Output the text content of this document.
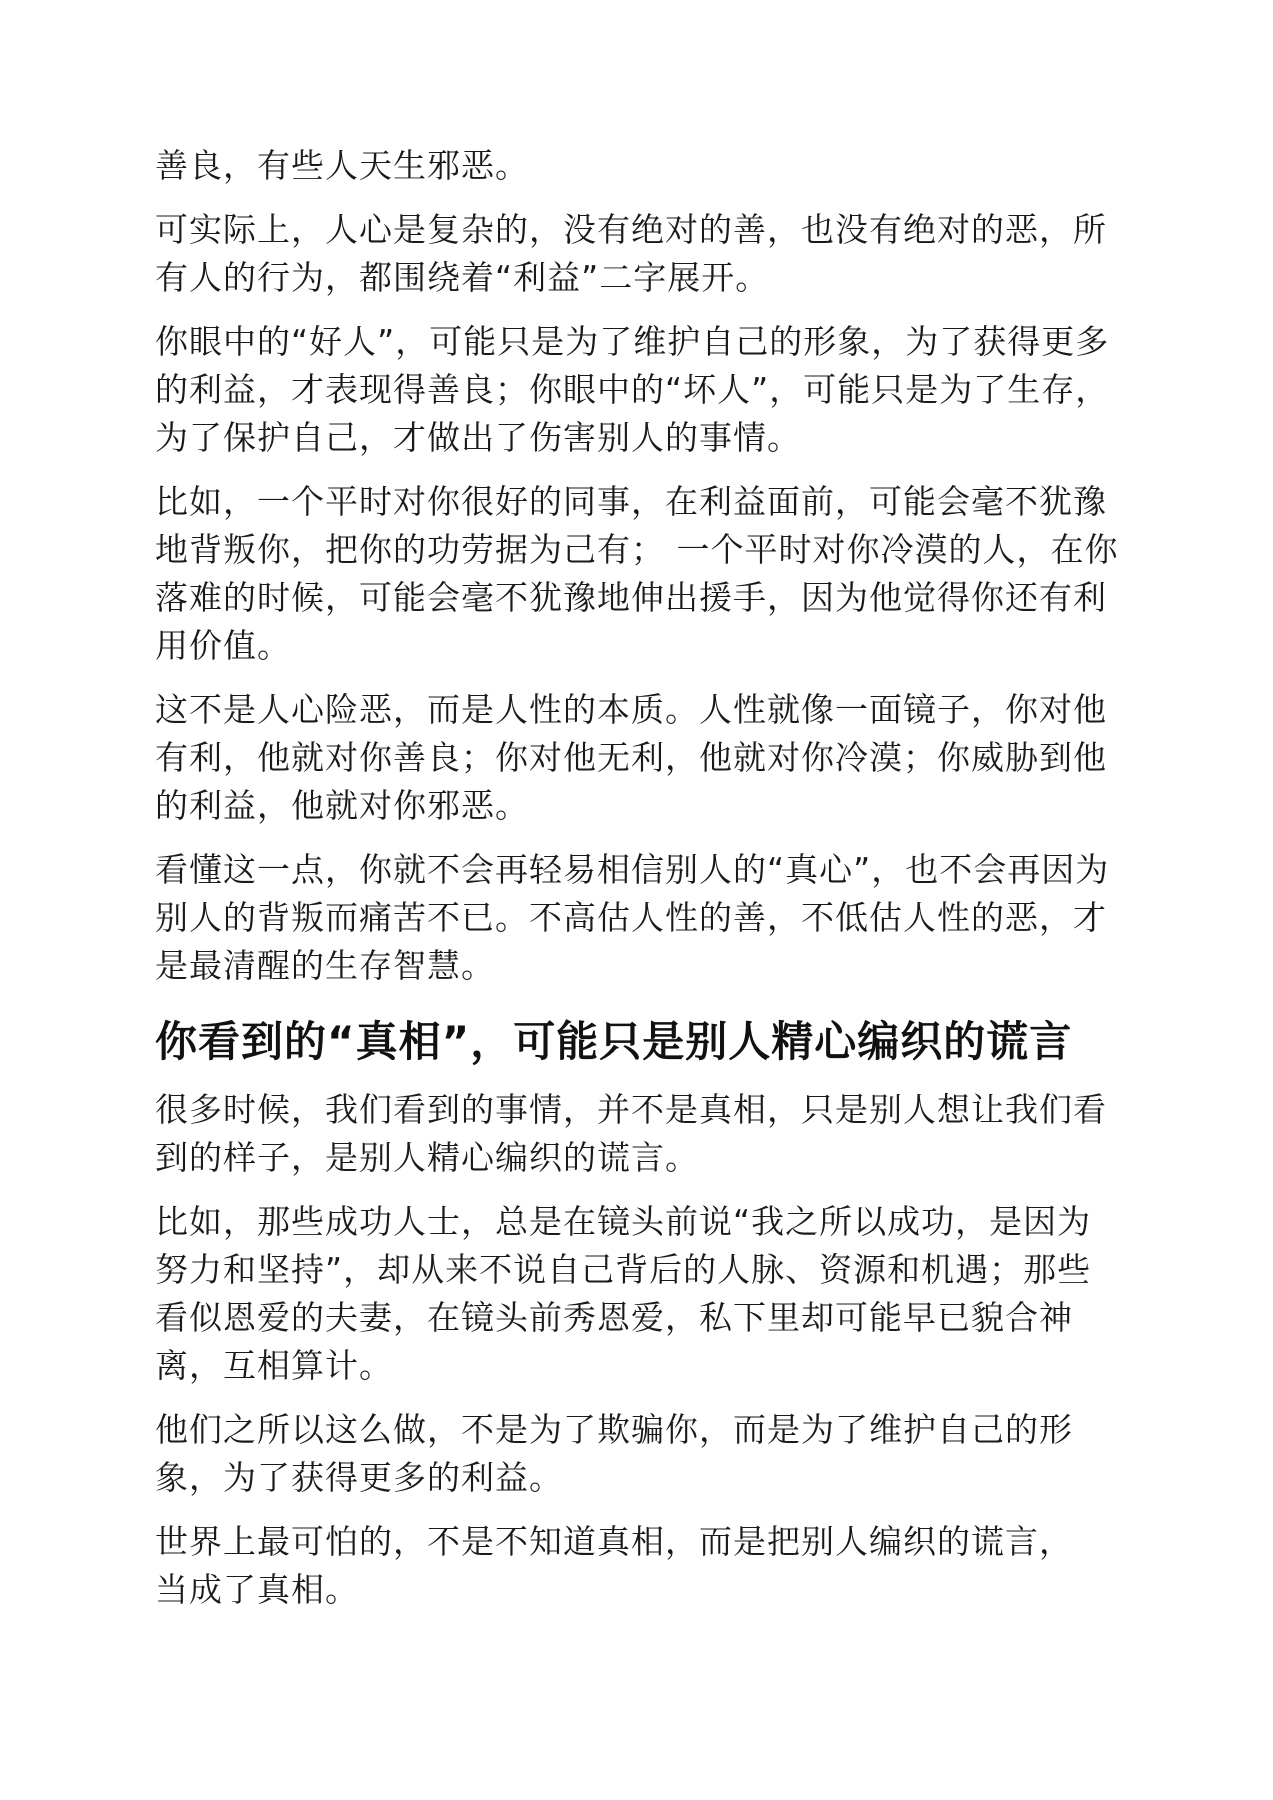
善良，有些人天生邪恶。

可实际上，人心是复杂的，没有绝对的善，也没有绝对的恶，所
有人的行为，都围绕着“利益”二字展开。

你眼中的“好人”，可能只是为了维护自己的形象，为了获得更多
的利益，才表现得善良；你眼中的“坏人”，可能只是为了生存，
为了保护自己，才做出了伤害别人的事情。

比如，一个平时对你很好的同事，在利益面前，可能会毫不犹豫
地背叛你，把你的功劳据为己有； 一个平时对你冷漠的人，在你
落难的时候，可能会毫不犹豫地伸出援手，因为他觉得你还有利
用价值。

这不是人心险恶，而是人性的本质。人性就像一面镜子，你对他
有利，他就对你善良；你对他无利，他就对你冷漠；你威胁到他
的利益，他就对你邪恶。

看懂这一点，你就不会再轻易相信别人的“真心”，也不会再因为
别人的背叛而痛苦不已。不高估人性的善，不低估人性的恶，才
是最清醒的生存智慧。

你看到的“真相”，可能只是别人精心编织的谎言

很多时候，我们看到的事情，并不是真相，只是别人想让我们看
到的样子，是别人精心编织的谎言。

比如，那些成功人士，总是在镜头前说“我之所以成功，是因为
努力和坚持”，却从来不说自己背后的人脉、资源和机遇；那些
看似恩爱的夫妻，在镜头前秀恩爱，私下里却可能早已貌合神
离，互相算计。

他们之所以这么做，不是为了欺骗你，而是为了维护自己的形
象，为了获得更多的利益。

世界上最可怕的，不是不知道真相，而是把别人编织的谎言，
当成了真相。
